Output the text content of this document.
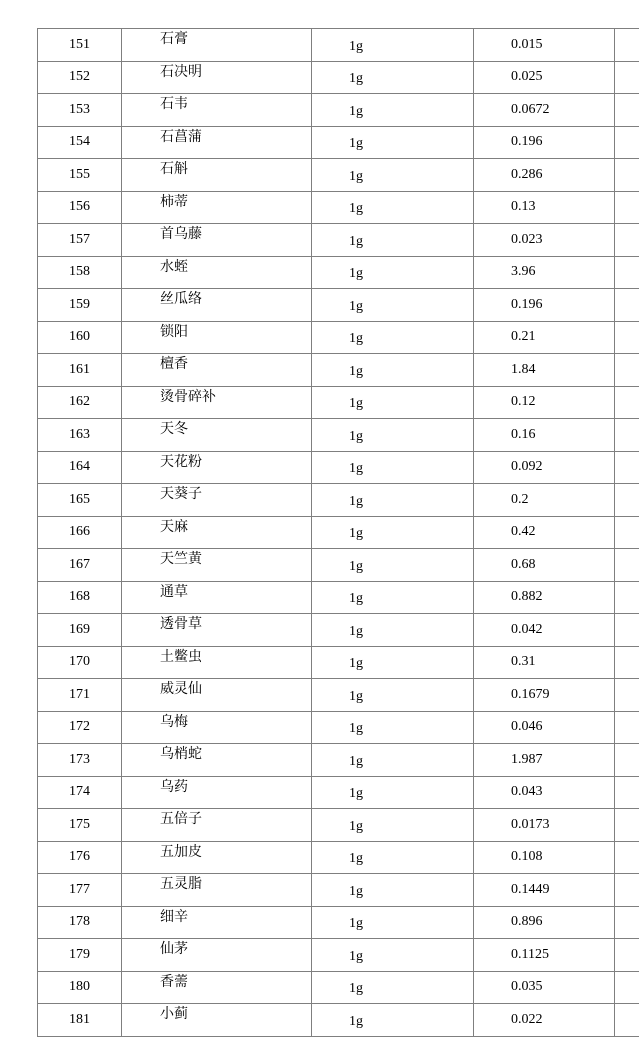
151	石膏	1g	0.015	
152	石决明	1g	0.025	
153	石韦	1g	0.0672	
154	石菖蒲	1g	0.196	
155	石斛	1g	0.286	
156	柿蒂	1g	0.13	
157	首乌藤	1g	0.023	
158	水蛭	1g	3.96	
159	丝瓜络	1g	0.196	
160	锁阳	1g	0.21	
161	檀香	1g	1.84	
162	烫骨碎补	1g	0.12	
163	天冬	1g	0.16	
164	天花粉	1g	0.092	
165	天葵子	1g	0.2	
166	天麻	1g	0.42	
167	天竺黄	1g	0.68	
168	通草	1g	0.882	
169	透骨草	1g	0.042	
170	土鳖虫	1g	0.31	
171	威灵仙	1g	0.1679	
172	乌梅	1g	0.046	
173	乌梢蛇	1g	1.987	
174	乌药	1g	0.043	
175	五倍子	1g	0.0173	
176	五加皮	1g	0.108	
177	五灵脂	1g	0.1449	
178	细辛	1g	0.896	
179	仙茅	1g	0.1125	
180	香薷	1g	0.035	
181	小蓟	1g	0.022	
